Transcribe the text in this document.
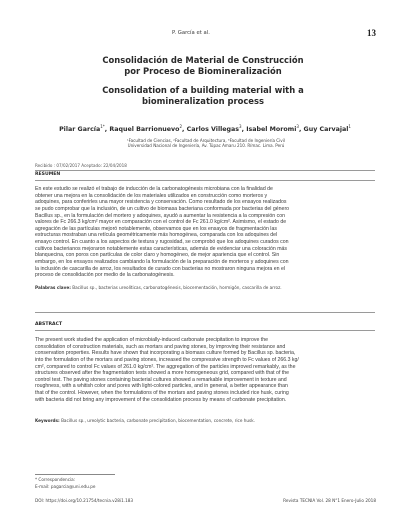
P. García et al.	13
Consolidación de Material de Construcción
por Proceso de Biomineralización
Consolidation of a building material with a
biomineralization process
Pilar García$^{1*}$, Raquel Barrionuevo$^2$, Carlos Villegas$^3$, Isabel Moromi$^3$, Guy Carvajal$^1$
¹Facultad de Ciencias, ²Facultad de Arquitectura, ³Facultad de Ingeniería Civil
Universidad Nacional de Ingeniería, Av. Túpac Amaru 210. Rímac. Lima. Perú
Recibido : 07/02/2017 Aceptado: 22/04/2018
RESUMEN
En este estudio se realizó el trabajo de inducción de la carbonatogénesis microbiana con la finalidad de
obtener una mejora en la consolidación de los materiales utilizados en construcción como morteros y
adoquines, para conferirles una mayor resistencia y conservación. Como resultado de los ensayos realizados
se pudo comprobar que la inclusión, de un cultivo de biomasa bacteriana conformada por bacterias del género
Bacillus sp., en la formulación del mortero y adoquines, ayudó a aumentar la resistencia a la compresión con
valores de Fc 266.3 kg/cm² mayor en comparación con el control de Fc 261.0 kg/cm². Asimismo, el estado de
agregación de las partículas mejoró notablemente, observamos que en los ensayos de fragmentación las
estructuras mostraban una retícula geométricamente más homogénea, comparada con los adoquines del
ensayo control. En cuanto a los aspectos de textura y rugosidad, se comprobó que los adoquines curados con
cultivos bacterianos mejoraron notablemente estas características, además de evidenciar una coloración más
blanquecina, con poros con partículas de color claro y homogéneo, de mejor apariencia que el control. Sin
embargo, en los ensayos realizados cambiando la formulación de la preparación de morteros y adoquines con
la inclusión de cascarilla de arroz, los resultados de curado con bacterias no mostraron ninguna mejora en el
proceso de consolidación por medio de la carbonatogénesis.
Palabras clave: Bacillus sp., bacterias ureolíticas, carbonatogénesis, biocementación, hormigón, cascarilla de arroz.
ABSTRACT
The present work studied the application of microbially-induced carbonate precipitation to improve the
consolidation of construction materials, such as mortars and paving stones, by improving their resistance and
conservation properties. Results have shown that incorporating a biomass culture formed by Bacillus sp. bacteria,
into the formulation of the mortars and paving stones, increased the compressive strength to Fc values of 266.3 kg/
cm², compared to control Fc values of 261.0 kg/cm². The aggregation of the particles improved remarkably, as the
structures observed after the fragmentation tests showed a more homogeneous grid, compared with that of the
control test. The paving stones containing bacterial cultures showed a remarkable improvement in texture and
roughness, with a whitish color and pores with light-colored particles, and in general, a better appearance than
that of the control. However, when the formulations of the mortars and paving stones included rice husk, curing
with bacteria did not bring any improvement of the consolidation process by means of carbonate precipitation.
Keywords: Bacillus sp., ureolytic bacteria, carbonate precipitation, biocementation, concrete, rice husk.
* Correspondencia:
E-mail: pagarcia@uni.edu.pe
DOI: https://doi.org/10.21754/tecnia.v28i1.183	Revista TECNIA Vol. 28 N°1 Enero-Julio 2018
